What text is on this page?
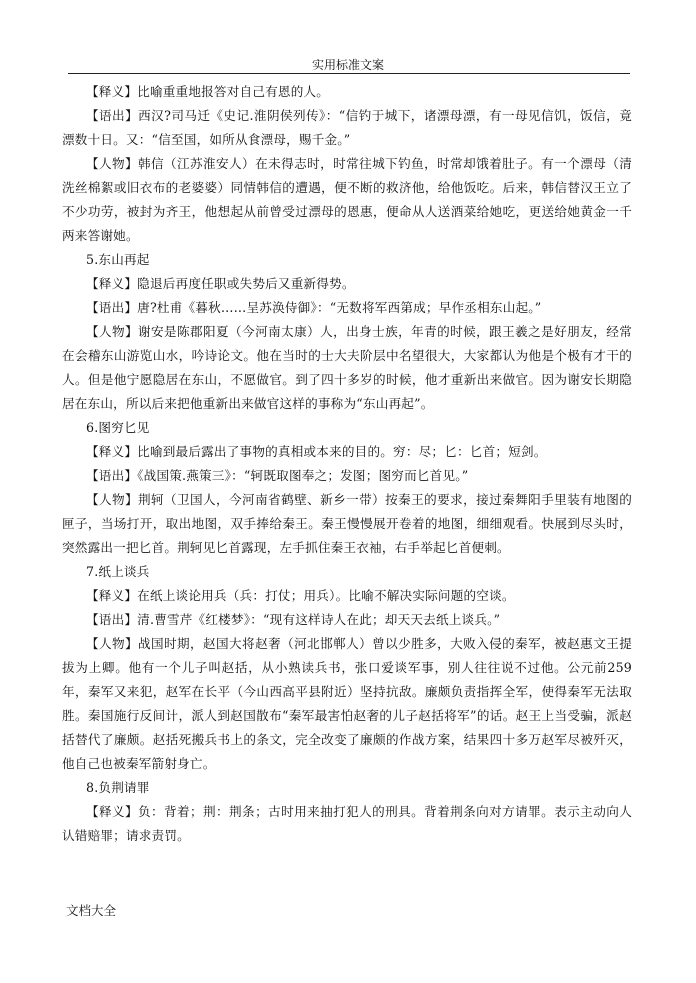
实用标准文案

【释义】比喻重重地报答对自己有恩的人。

【语出】西汉?司马迁《史记.淮阴侯列传》：“信钓于城下，诸漂母漂，有一母见信饥，饭信，竟漂数十日。又：“信至国，如所从食漂母，赐千金。”

【人物】韩信（江苏淮安人）在未得志时，时常往城下钓鱼，时常却饿着肚子。有一个漂母（清洗丝棉絮或旧衣布的老婆婆）同情韩信的遭遇，便不断的救济他，给他饭吃。后来，韩信替汉王立了不少功劳，被封为齐王，他想起从前曾受过漂母的恩惠，便命从人送酒菜给她吃，更送给她黄金一千两来答谢她。

5.东山再起

【释义】隐退后再度任职或失势后又重新得势。

【语出】唐?杜甫《暮秋……呈苏涣侍御》：“无数将军西第成；早作丞相东山起。”

【人物】谢安是陈郡阳夏（今河南太康）人，出身士族，年青的时候，跟王羲之是好朋友，经常在会稽东山游览山水，吟诗论文。他在当时的士大夫阶层中名望很大，大家都认为他是个极有才干的人。但是他宁愿隐居在东山，不愿做官。到了四十多岁的时候，他才重新出来做官。因为谢安长期隐居在东山，所以后来把他重新出来做官这样的事称为“东山再起”。

6.图穷匕见

【释义】比喻到最后露出了事物的真相或本来的目的。穷：尽；匕：匕首；短剑。

【语出】《战国策.燕策三》：“轲既取图奉之；发图；图穷而匕首见。”

【人物】荆轲（卫国人，今河南省鹤壁、新乡一带）按秦王的要求，接过秦舞阳手里装有地图的匣子，当场打开，取出地图，双手捧给秦王。秦王慢慢展开卷着的地图，细细观看。快展到尽头时，突然露出一把匕首。荆轲见匕首露现，左手抓住秦王衣袖，右手举起匕首便刺。

7.纸上谈兵

【释义】在纸上谈论用兵（兵：打仗；用兵）。比喻不解决实际问题的空谈。

【语出】清.曹雪芹《红楼梦》：“现有这样诗人在此；却天天去纸上谈兵。”

【人物】战国时期，赵国大将赵奢（河北邯郸人）曾以少胜多，大败入侵的秦军，被赵惠文王提拔为上卿。他有一个儿子叫赵括，从小熟读兵书，张口爱谈军事，别人往往说不过他。公元前259年，秦军又来犯，赵军在长平（今山西高平县附近）坚持抗敌。廉颇负责指挥全军，使得秦军无法取胜。秦国施行反间计，派人到赵国散布“秦军最害怕赵奢的儿子赵括将军”的话。赵王上当受骗，派赵括替代了廉颇。赵括死搬兵书上的条文，完全改变了廉颇的作战方案，结果四十多万赵军尽被歼灭，他自己也被秦军箭射身亡。

8.负荆请罪

【释义】负：背着；荆：荆条；古时用来抽打犯人的刑具。背着荆条向对方请罪。表示主动向人认错赔罪；请求责罚。

文档大全
